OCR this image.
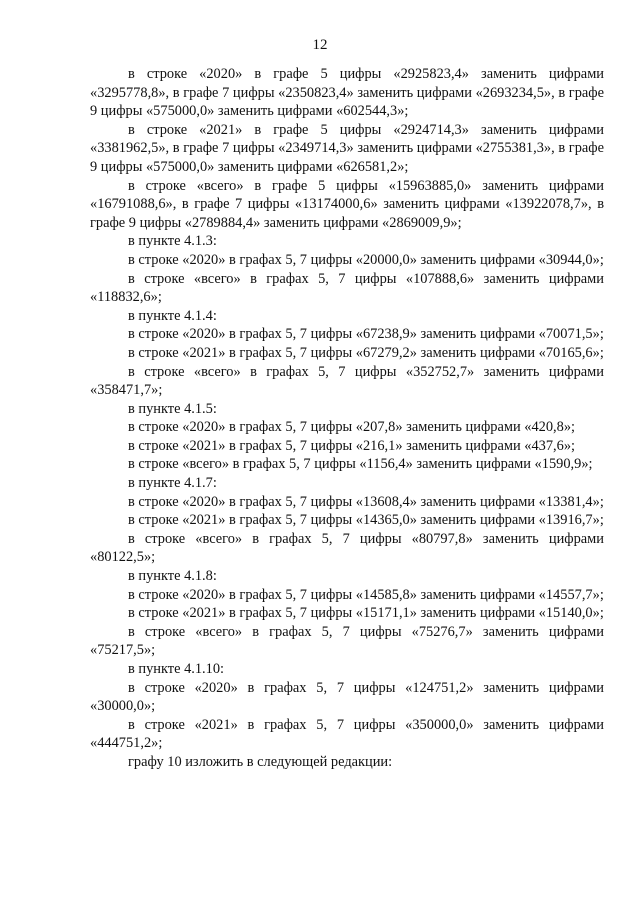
12

в строке «2020» в графе 5 цифры «2925823,4» заменить цифрами «3295778,8», в графе 7 цифры «2350823,4» заменить цифрами «2693234,5», в графе 9 цифры «575000,0» заменить цифрами «602544,3»;

в строке «2021» в графе 5 цифры «2924714,3» заменить цифрами «3381962,5», в графе 7 цифры «2349714,3» заменить цифрами «2755381,3», в графе 9 цифры «575000,0» заменить цифрами «626581,2»;

в строке «всего» в графе 5 цифры «15963885,0» заменить цифрами «16791088,6», в графе 7 цифры «13174000,6» заменить цифрами «13922078,7», в графе 9 цифры «2789884,4» заменить цифрами «2869009,9»;

в пункте 4.1.3:

в строке «2020» в графах 5, 7 цифры «20000,0» заменить цифрами «30944,0»;

в строке «всего» в графах 5, 7 цифры «107888,6» заменить цифрами «118832,6»;

в пункте 4.1.4:

в строке «2020» в графах 5, 7 цифры «67238,9» заменить цифрами «70071,5»;

в строке «2021» в графах 5, 7 цифры «67279,2» заменить цифрами «70165,6»;

в строке «всего» в графах 5, 7 цифры «352752,7» заменить цифрами «358471,7»;

в пункте 4.1.5:

в строке «2020» в графах 5, 7 цифры «207,8» заменить цифрами «420,8»;

в строке «2021» в графах 5, 7 цифры «216,1» заменить цифрами «437,6»;

в строке «всего» в графах 5, 7 цифры «1156,4» заменить цифрами «1590,9»;

в пункте 4.1.7:

в строке «2020» в графах 5, 7 цифры «13608,4» заменить цифрами «13381,4»;

в строке «2021» в графах 5, 7 цифры «14365,0» заменить цифрами «13916,7»;

в строке «всего» в графах 5, 7 цифры «80797,8» заменить цифрами «80122,5»;

в пункте 4.1.8:

в строке «2020» в графах 5, 7 цифры «14585,8» заменить цифрами «14557,7»;

в строке «2021» в графах 5, 7 цифры «15171,1» заменить цифрами «15140,0»;

в строке «всего» в графах 5, 7 цифры «75276,7» заменить цифрами «75217,5»;

в пункте 4.1.10:

в строке «2020» в графах 5, 7 цифры «124751,2» заменить цифрами «30000,0»;

в строке «2021» в графах 5, 7 цифры «350000,0» заменить цифрами «444751,2»;

графу 10 изложить в следующей редакции:
